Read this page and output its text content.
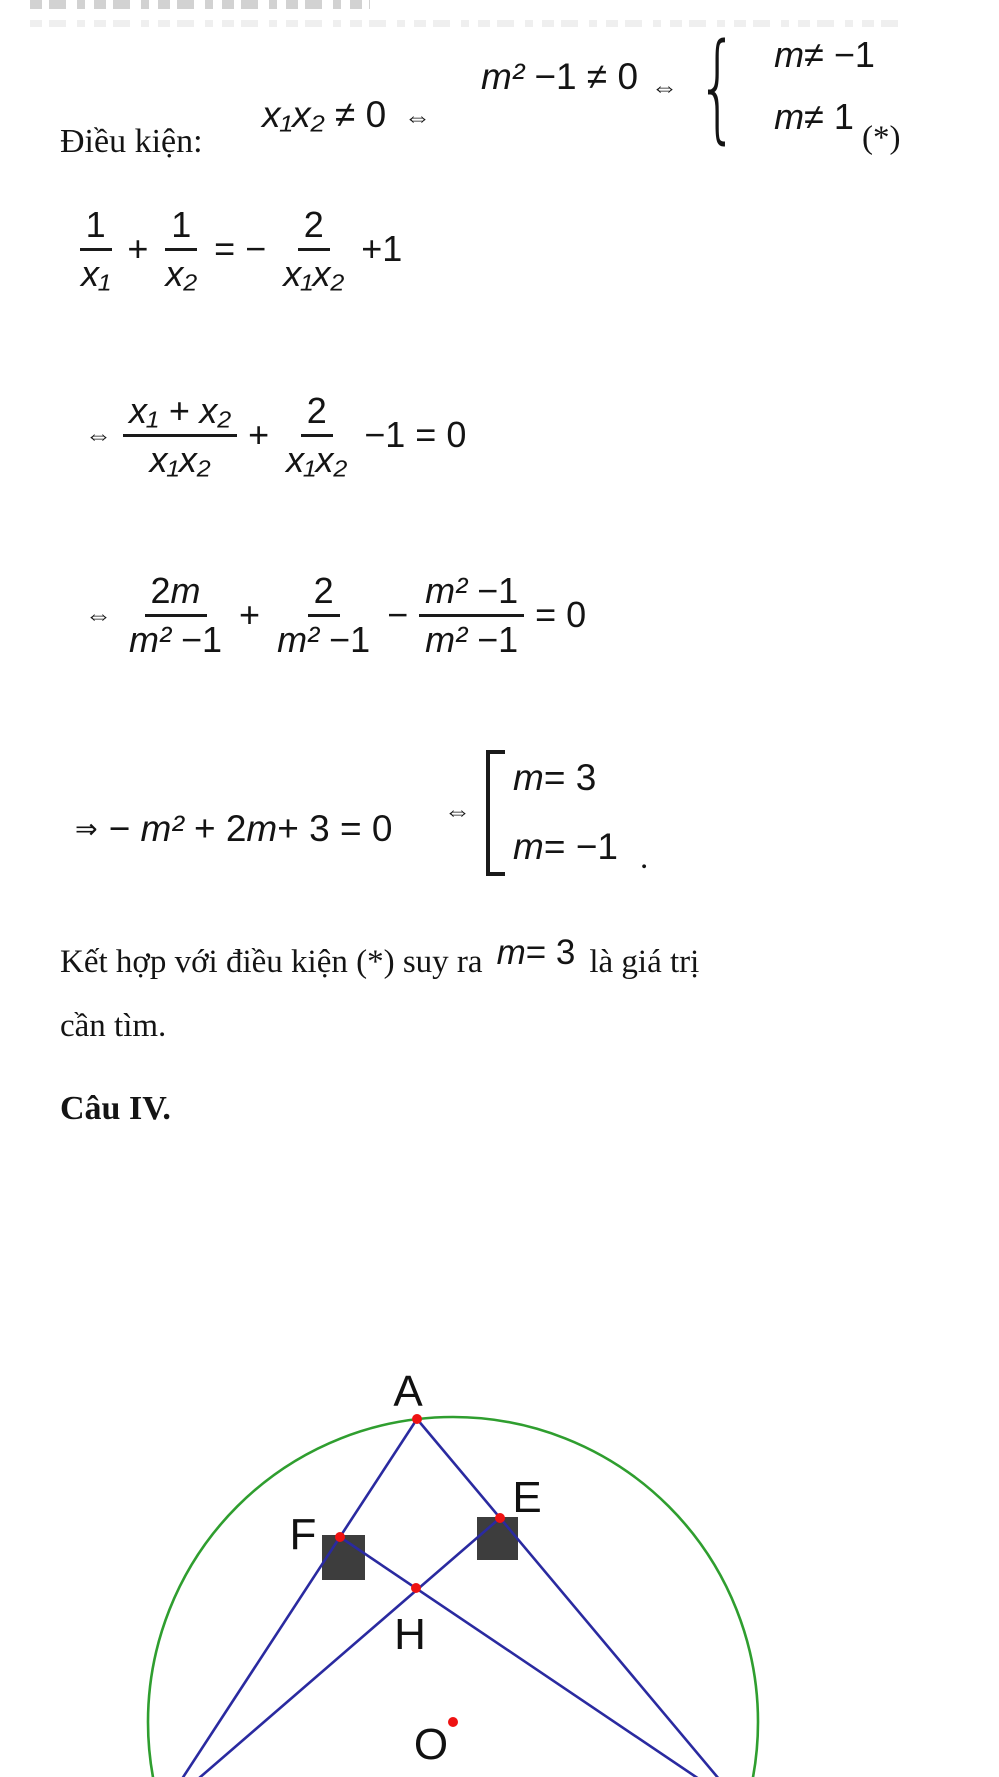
Điều kiện:
x₁x₂ ≠ 0 ⇔
m² −1 ≠ 0 ⇔ { m≠ −1
m≠ 1
(*)
$\frac{1}{\text{x₁}} + \frac{1}{\text{x₂}}$ = − $\frac{2}{\text{x₁x₂}} +1$
⇔ $\frac{\text{x₁ + x₂}}{\text{x₁x₂}} + \frac{2}{\text{x₁x₂}} -1 = 0$
⇔ $\frac{2m}{\text{m² −1}} + \frac{2}{\text{m² −1}} - \frac{\text{m² −1}}{\text{m² −1}} = 0$
⇒ − m² + 2m+ 3 = 0 ⇔
m= 3
m= −1 .
Kết hợp với điều kiện (*) suy ra m= 3 là giá trị
cần tìm.
Câu IV.
A
E
F
H
O
